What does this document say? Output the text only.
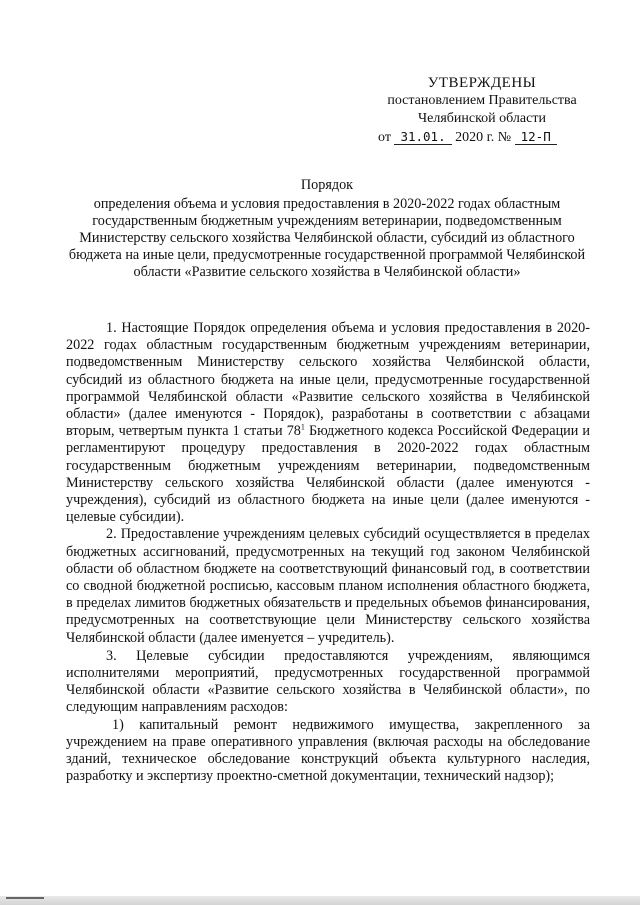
УТВЕРЖДЕНЫ
постановлением Правительства
Челябинской области
от 31.01. 2020 г. № 12-П
Порядок
определения объема и условия предоставления в 2020-2022 годах областным государственным бюджетным учреждениям ветеринарии, подведомственным Министерству сельского хозяйства Челябинской области, субсидий из областного бюджета на иные цели, предусмотренные государственной программой Челябинской области «Развитие сельского хозяйства в Челябинской области»

1. Настоящие Порядок определения объема и условия предоставления в 2020-2022 годах областным государственным бюджетным учреждениям ветеринарии, подведомственным Министерству сельского хозяйства Челябинской области, субсидий из областного бюджета на иные цели, предусмотренные государственной программой Челябинской области «Развитие сельского хозяйства в Челябинской области» (далее именуются - Порядок), разработаны в соответствии с абзацами вторым, четвертым пункта 1 статьи $78^1$ Бюджетного кодекса Российской Федерации и регламентируют процедуру предоставления в 2020-2022 годах областным государственным бюджетным учреждениям ветеринарии, подведомственным Министерству сельского хозяйства Челябинской области (далее именуются - учреждения), субсидий из областного бюджета на иные цели (далее именуются - целевые субсидии).

2. Предоставление учреждениям целевых субсидий осуществляется в пределах бюджетных ассигнований, предусмотренных на текущий год законом Челябинской области об областном бюджете на соответствующий финансовый год, в соответствии со сводной бюджетной росписью, кассовым планом исполнения областного бюджета, в пределах лимитов бюджетных обязательств и предельных объемов финансирования, предусмотренных на соответствующие цели Министерству сельского хозяйства Челябинской области (далее именуется – учредитель).

3. Целевые субсидии предоставляются учреждениям, являющимся исполнителями мероприятий, предусмотренных государственной программой Челябинской области «Развитие сельского хозяйства в Челябинской области», по следующим направлениям расходов:

1) капитальный ремонт недвижимого имущества, закрепленного за учреждением на праве оперативного управления (включая расходы на обследование зданий, техническое обследование конструкций объекта культурного наследия, разработку и экспертизу проектно-сметной документации, технический надзор);
